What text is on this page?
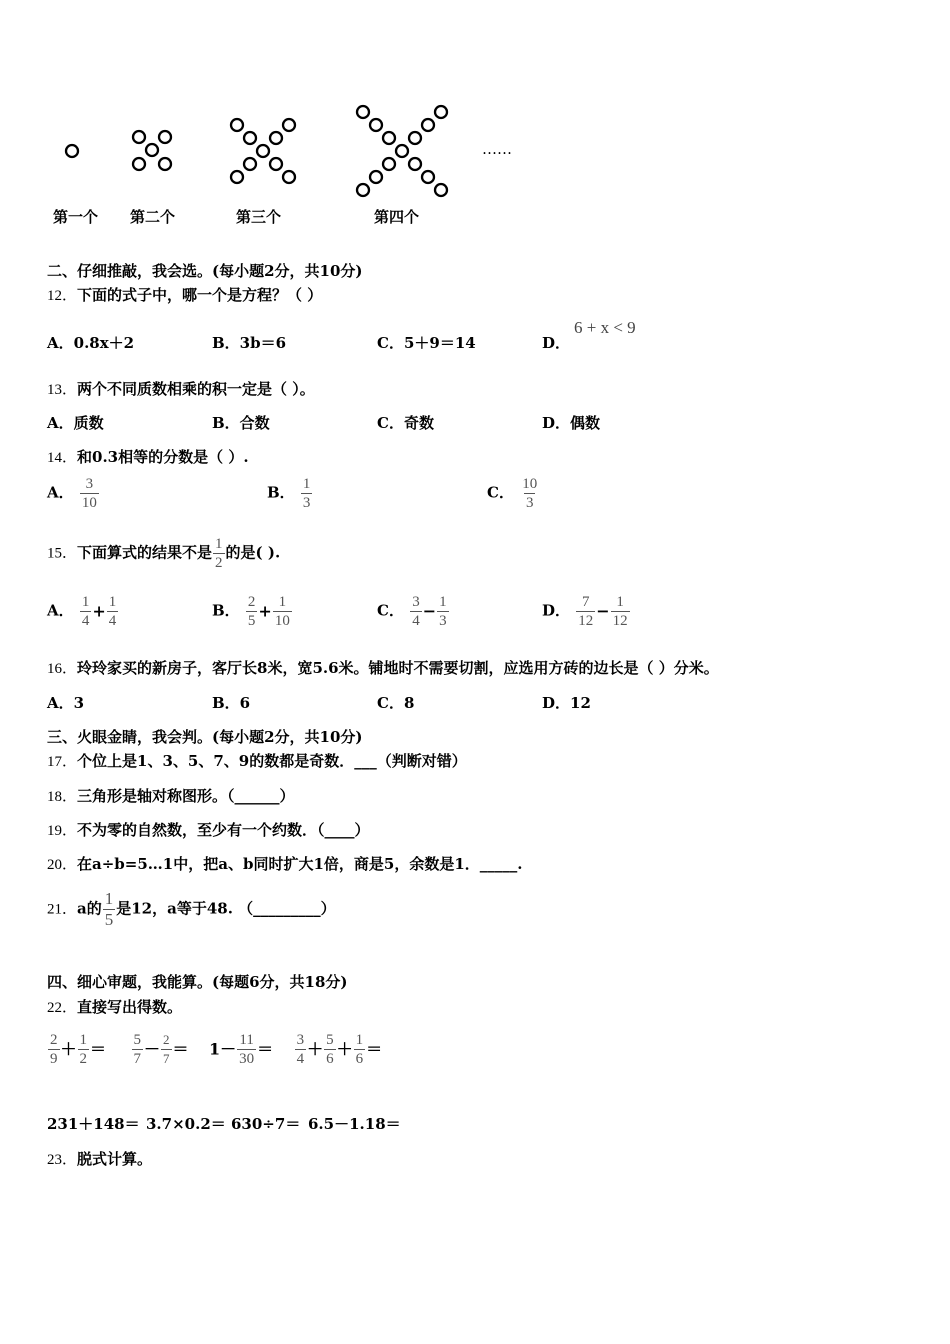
……
第一个 第二个	第三个	第四个
二、仔细推敲，我会选。(每小题2分，共10分)
12．下面的式子中，哪一个是方程？（ ）
A．0.8x＋2	B．3b＝6	C．5＋9＝14	D．
6 + x < 9
13．两个不同质数相乘的积一定是（ ）。
A．质数	B．合数	C．奇数	D．偶数
14．和0.3相等的分数是（ ）.
A． $\frac{3}{10}$	B． $\frac{1}{3}$	C． $\frac{10}{3}$
15．下面算式的结果不是 $\frac{1}{2}$ 的是( ).
A． $\frac{1}{4} + \frac{1}{4}$	B． $\frac{2}{5} + \frac{1}{10}$	C． $\frac{3}{4} - \frac{1}{3}$	D． $\frac{7}{12} - \frac{1}{12}$
16．玲玲家买的新房子，客厅长8米，宽5.6米。铺地时不需要切割，应选用方砖的边长是（ ）分米。
A．3	B．6	C．8	D．12
三、火眼金睛，我会判。(每小题2分，共10分)
17．个位上是1、3、5、7、9的数都是奇数．___（判断对错）
18．三角形是轴对称图形。（______）
19．不为零的自然数，至少有一个约数．（____）
20．在a÷b=5…1中，把a、b同时扩大1倍，商是5，余数是1．_____.
21．a的 $\frac{1}{5}$ 是12，a等于48. （_________）
四、细心审题，我能算。(每题6分，共18分)
22．直接写出得数。
$\frac{2}{9} + \frac{1}{2} = \frac{5}{7} - \frac{2}{7} = 1- \frac{11}{30} = \frac{3}{4} + \frac{5}{6} + \frac{1}{6}$ ＝
231＋148＝ 3.7×0.2＝ 630÷7＝ 6.5－1.18＝
23．脱式计算。
